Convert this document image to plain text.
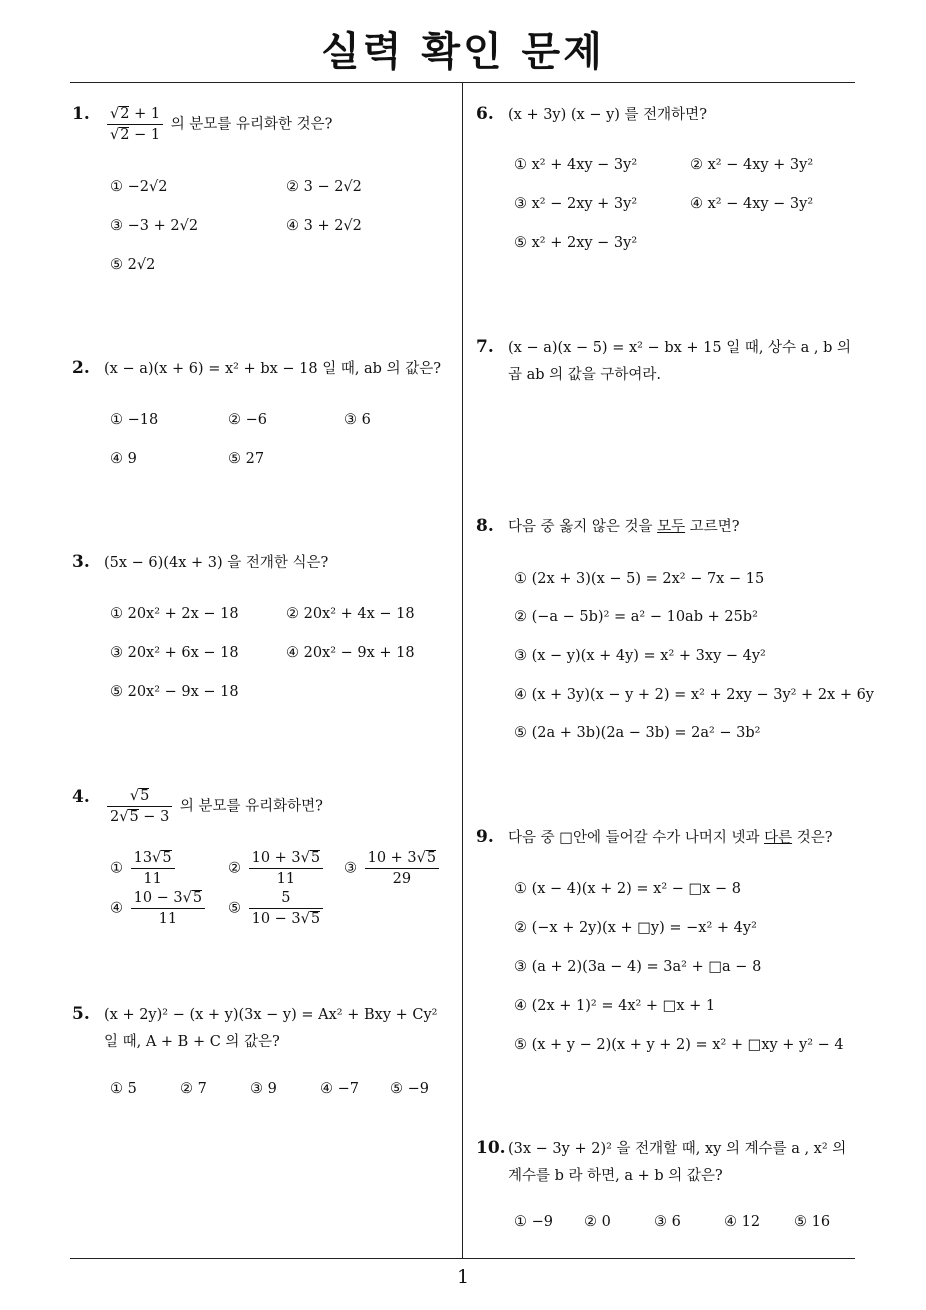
실력 확인 문제
1
1. $\frac{√2 + 1}{√2 - 1}$ 의 분모를 유리화한 것은?
① −2√2	② 3 − 2√2
③ −3 + 2√2	④ 3 + 2√2
⑤ 2√2
2. (x − a)(x + 6) = x² + bx − 18 일 때, ab 의 값은?
① −18	② −6	③ 6
④ 9	⑤ 27
3. (5x − 6)(4x + 3) 을 전개한 식은?
① 20x² + 2x − 18	② 20x² + 4x − 18
③ 20x² + 6x − 18	④ 20x² − 9x + 18
⑤ 20x² − 9x − 18
4. $\frac{√5}{2√5 - 3}$ 의 분모를 유리화하면?
① $\frac{13√5}{11}$	② $\frac{10 + 3√5}{11}$ ③ $\frac{10 + 3√5}{29}$
④ $\frac{10 - 3√5}{11}$ ⑤ $\frac{5}{10 - 3√5}$
5. (x + 2y)² − (x + y)(3x − y) = Ax² + Bxy + Cy² 일 때, A + B + C 의 값은?
① 5	② 7	③ 9	④ −7 ⑤ −9
6. (x + 3y) (x − y) 를 전개하면?
① x² + 4xy − 3y²	② x² − 4xy + 3y²
③ x² − 2xy + 3y²	④ x² − 4xy − 3y²
⑤ x² + 2xy − 3y²
7. (x − a)(x − 5) = x² − bx + 15 일 때, 상수 a , b 의 곱 ab 의 값을 구하여라.
8. 다음 중 옳지 않은 것을 모두 고르면?
① (2x + 3)(x − 5) = 2x² − 7x − 15
② (−a − 5b)² = a² − 10ab + 25b²
③ (x − y)(x + 4y) = x² + 3xy − 4y²
④ (x + 3y)(x − y + 2) = x² + 2xy − 3y² + 2x + 6y
⑤ (2a + 3b)(2a − 3b) = 2a² − 3b²
9. 다음 중 □안에 들어갈 수가 나머지 넷과 다른 것은?
① (x − 4)(x + 2) = x² − □x − 8
② (−x + 2y)(x + □y) = −x² + 4y²
③ (a + 2)(3a − 4) = 3a² + □a − 8
④ (2x + 1)² = 4x² + □x + 1
⑤ (x + y − 2)(x + y + 2) = x² + □xy + y² − 4
10. (3x − 3y + 2)² 을 전개할 때, xy 의 계수를 a , x² 의 계수를 b 라 하면, a + b 의 값은?
① −9 ② 0	③ 6	④ 12 ⑤ 16
